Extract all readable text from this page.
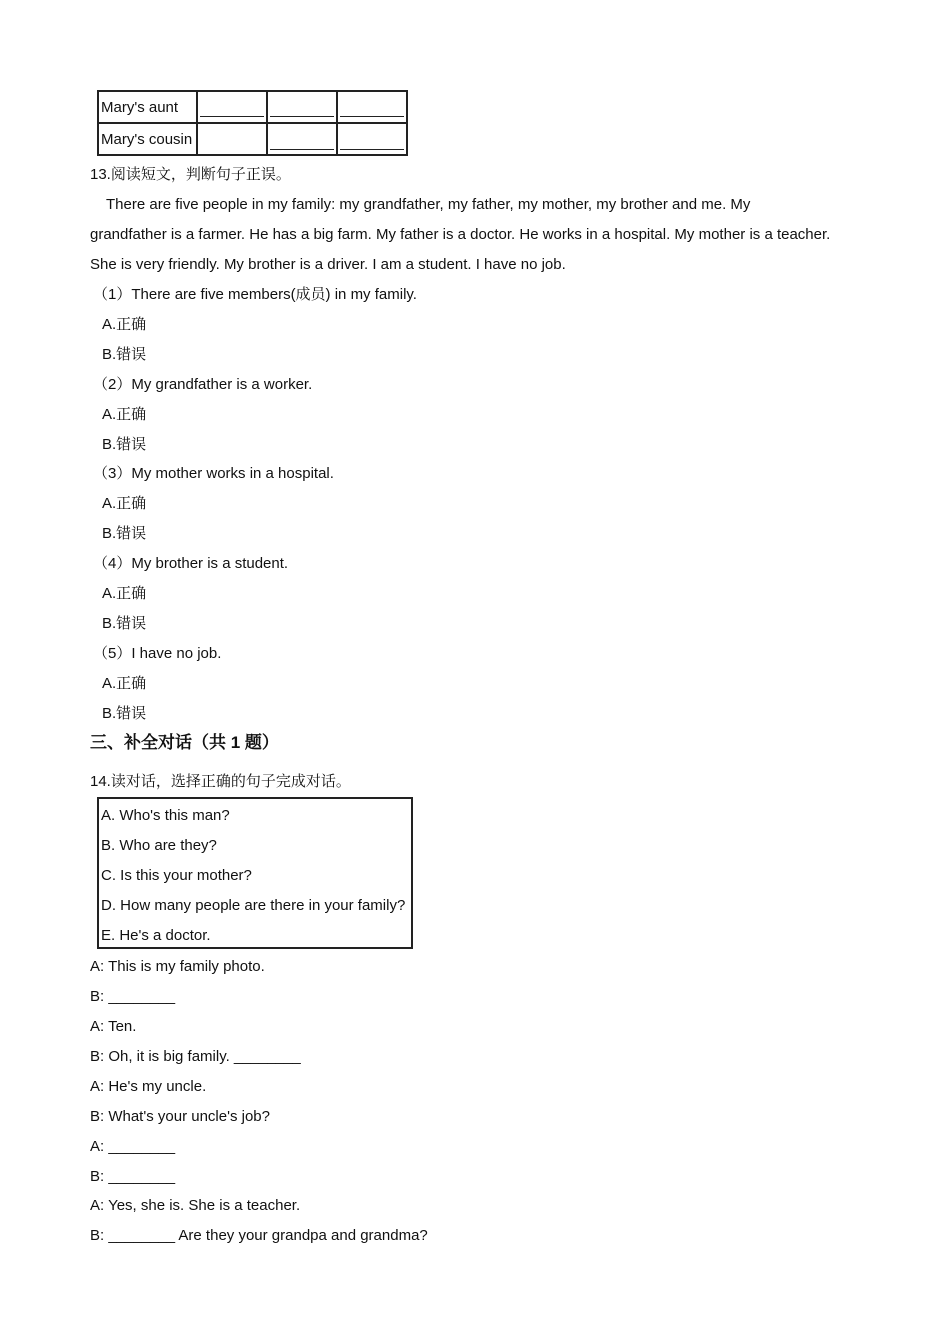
Mary's aunt	

Mary's cousin		

13.阅读短文，判断句子正误。
There are five people in my family: my grandfather, my father, my mother, my brother and me. My
grandfather is a farmer. He has a big farm. My father is a doctor. He works in a hospital. My mother is a teacher.
She is very friendly. My brother is a driver. I am a student. I have no job.
（1）There are five members(成员) in my family.
A.正确
B.错误
（2）My grandfather is a worker.
A.正确
B.错误
（3）My mother works in a hospital.
A.正确
B.错误
（4）My brother is a student.
A.正确
B.错误
（5）I have no job.
A.正确
B.错误
三、补全对话（共 1 题）
14.读对话，选择正确的句子完成对话。
A. Who's this man?
B. Who are they?
C. Is this your mother?
D. How many people are there in your family?
E. He's a doctor.
A: This is my family photo.
B: ________
A: Ten.
B: Oh, it is big family. ________
A: He's my uncle.
B: What's your uncle's job?
A: ________
B: ________
A: Yes, she is. She is a teacher.
B: ________ Are they your grandpa and grandma?
